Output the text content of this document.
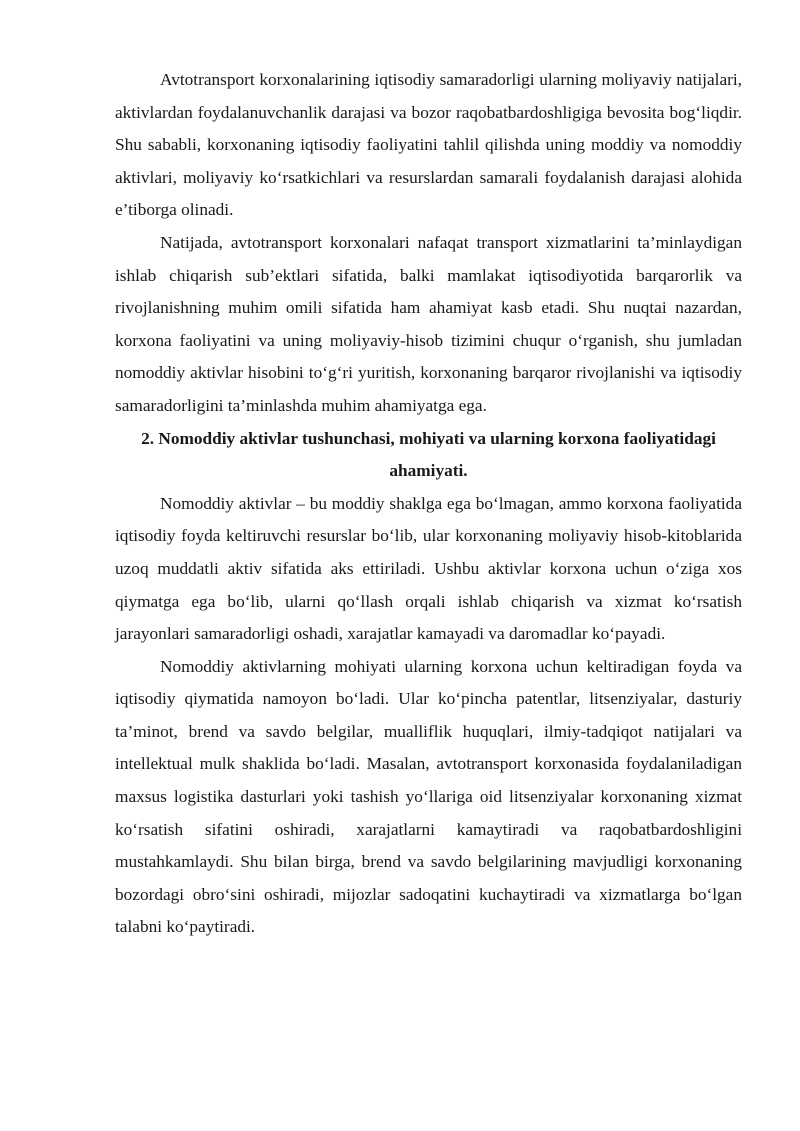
Avtotransport korxonalarining iqtisodiy samaradorligi ularning moliyaviy natijalari, aktivlardan foydalanuvchanlik darajasi va bozor raqobatbardoshligiga bevosita bog‘liqdir. Shu sababli, korxonaning iqtisodiy faoliyatini tahlil qilishda uning moddiy va nomoddiy aktivlari, moliyaviy ko‘rsatkichlari va resurslardan samarali foydalanish darajasi alohida e’tiborga olinadi.

Natijada, avtotransport korxonalari nafaqat transport xizmatlarini ta’minlaydigan ishlab chiqarish sub’ektlari sifatida, balki mamlakat iqtisodiyotida barqarorlik va rivojlanishning muhim omili sifatida ham ahamiyat kasb etadi. Shu nuqtai nazardan, korxona faoliyatini va uning moliyaviy-hisob tizimini chuqur o‘rganish, shu jumladan nomoddiy aktivlar hisobini to‘g‘ri yuritish, korxonaning barqaror rivojlanishi va iqtisodiy samaradorligini ta’minlashda muhim ahamiyatga ega.

2. Nomoddiy aktivlar tushunchasi, mohiyati va ularning korxona faoliyatidagi ahamiyati.

Nomoddiy aktivlar – bu moddiy shaklga ega bo‘lmagan, ammo korxona faoliyatida iqtisodiy foyda keltiruvchi resurslar bo‘lib, ular korxonaning moliyaviy hisob-kitoblarida uzoq muddatli aktiv sifatida aks ettiriladi. Ushbu aktivlar korxona uchun o‘ziga xos qiymatga ega bo‘lib, ularni qo‘llash orqali ishlab chiqarish va xizmat ko‘rsatish jarayonlari samaradorligi oshadi, xarajatlar kamayadi va daromadlar ko‘payadi.

Nomoddiy aktivlarning mohiyati ularning korxona uchun keltiradigan foyda va iqtisodiy qiymatida namoyon bo‘ladi. Ular ko‘pincha patentlar, litsenziyalar, dasturiy ta’minot, brend va savdo belgilar, mualliflik huquqlari, ilmiy-tadqiqot natijalari va intellektual mulk shaklida bo‘ladi. Masalan, avtotransport korxonasida foydalaniladigan maxsus logistika dasturlari yoki tashish yo‘llariga oid litsenziyalar korxonaning xizmat ko‘rsatish sifatini oshiradi, xarajatlarni kamaytiradi va raqobatbardoshligini mustahkamlaydi. Shu bilan birga, brend va savdo belgilarining mavjudligi korxonaning bozordagi obro‘sini oshiradi, mijozlar sadoqatini kuchaytiradi va xizmatlarga bo‘lgan talabni ko‘paytiradi.
